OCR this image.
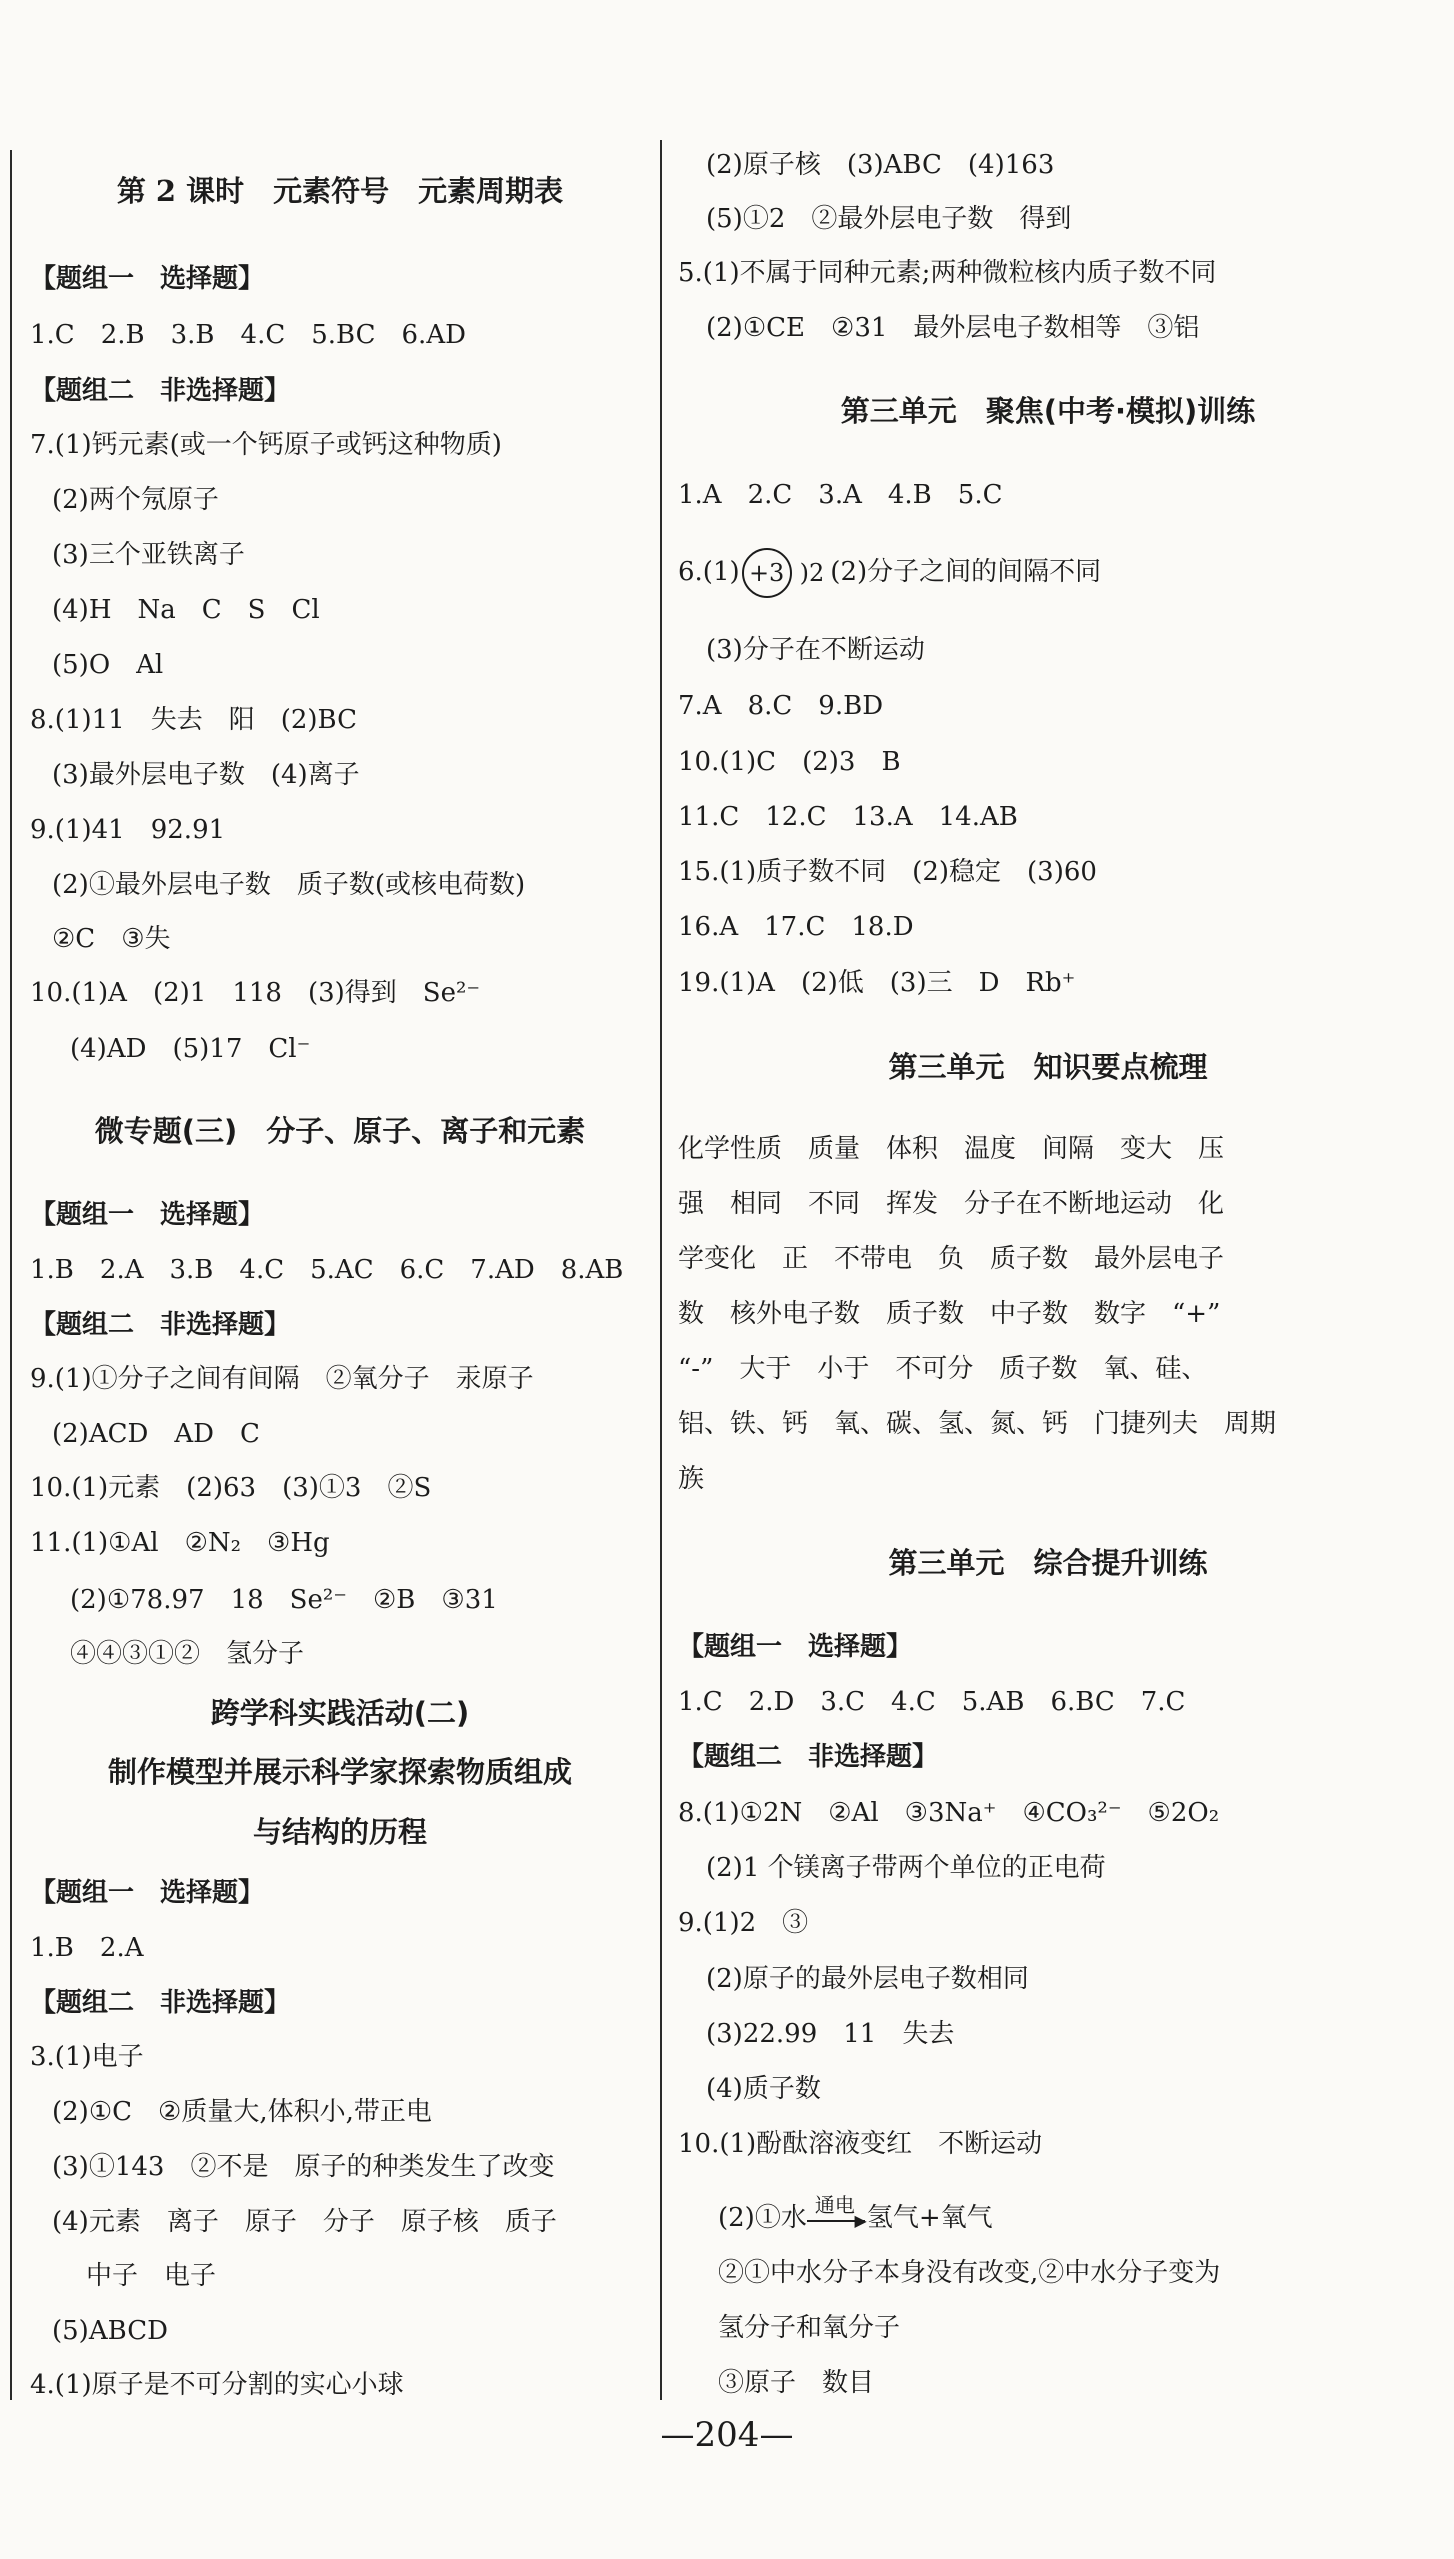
第 2 课时　元素符号　元素周期表
【题组一　选择题】
1.C　2.B　3.B　4.C　5.BC　6.AD
【题组二　非选择题】
7.(1)钙元素(或一个钙原子或钙这种物质)
(2)两个氖原子
(3)三个亚铁离子
(4)H　Na　C　S　Cl
(5)O　Al
8.(1)11　失去　阳　(2)BC
(3)最外层电子数　(4)离子
9.(1)41　92.91
(2)①最外层电子数　质子数(或核电荷数)
②C　③失
10.(1)A　(2)1　118　(3)得到　Se²⁻
(4)AD　(5)17　Cl⁻
微专题(三)　分子、原子、离子和元素
【题组一　选择题】
1.B　2.A　3.B　4.C　5.AC　6.C　7.AD　8.AB
【题组二　非选择题】
9.(1)①分子之间有间隔　②氧分子　汞原子
(2)ACD　AD　C
10.(1)元素　(2)63　(3)①3　②S
11.(1)①Al　②N₂　③Hg
(2)①78.97　18　Se²⁻　②B　③31
④④③①②　氢分子
跨学科实践活动(二)
制作模型并展示科学家探索物质组成
与结构的历程
【题组一　选择题】
1.B　2.A
【题组二　非选择题】
3.(1)电子
(2)①C　②质量大,体积小,带正电
(3)①143　②不是　原子的种类发生了改变
(4)元素　离子　原子　分子　原子核　质子
中子　电子
(5)ABCD
4.(1)原子是不可分割的实心小球
(2)原子核　(3)ABC　(4)163
(5)①2　②最外层电子数　得到
5.(1)不属于同种元素;两种微粒核内质子数不同
(2)①CE　②31　最外层电子数相等　③铝
第三单元　聚焦(中考·模拟)训练
1.A　2.C　3.A　4.B　5.C
6.(1) +3 )2 (2)分子之间的间隔不同
(3)分子在不断运动
7.A　8.C　9.BD
10.(1)C　(2)3　B
11.C　12.C　13.A　14.AB
15.(1)质子数不同　(2)稳定　(3)60
16.A　17.C　18.D
19.(1)A　(2)低　(3)三　D　Rb⁺
第三单元　知识要点梳理
化学性质　质量　体积　温度　间隔　变大　压
强　相同　不同　挥发　分子在不断地运动　化
学变化　正　不带电　负　质子数　最外层电子
数　核外电子数　质子数　中子数　数字　“+”
“-”　大于　小于　不可分　质子数　氧、硅、
铝、铁、钙　氧、碳、氢、氮、钙　门捷列夫　周期
族
第三单元　综合提升训练
【题组一　选择题】
1.C　2.D　3.C　4.C　5.AB　6.BC　7.C
【题组二　非选择题】
8.(1)①2N　②Al　③3Na⁺　④CO₃²⁻　⑤2O₂
(2)1 个镁离子带两个单位的正电荷
9.(1)2　③
(2)原子的最外层电子数相同
(3)22.99　11　失去
(4)质子数
10.(1)酚酞溶液变红　不断运动
(2)①水 通电
▶ 氢气+氧气
②①中水分子本身没有改变,②中水分子变为
氢分子和氧分子
③原子　数目
—204—
